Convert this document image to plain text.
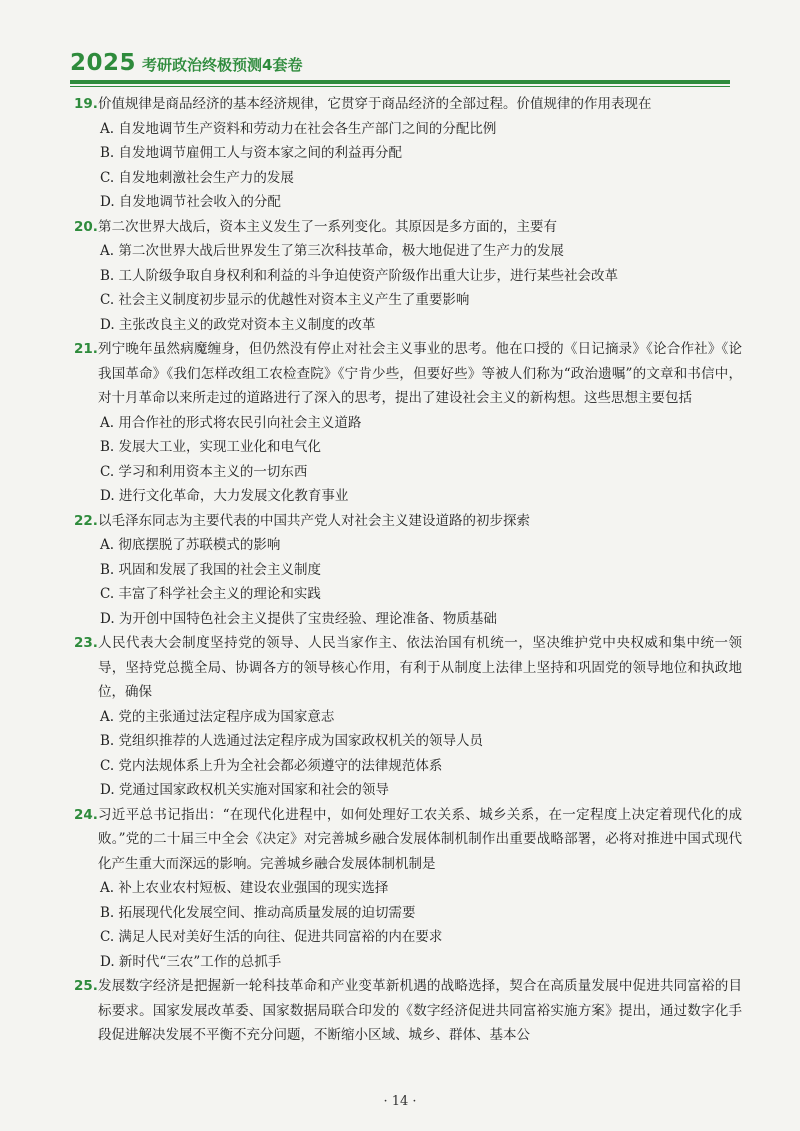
2025 考研政治终极预测4套卷
19. 价值规律是商品经济的基本经济规律，它贯穿于商品经济的全部过程。价值规律的作用表现在
A. 自发地调节生产资料和劳动力在社会各生产部门之间的分配比例
B. 自发地调节雇佣工人与资本家之间的利益再分配
C. 自发地刺激社会生产力的发展
D. 自发地调节社会收入的分配
20. 第二次世界大战后，资本主义发生了一系列变化。其原因是多方面的，主要有
A. 第二次世界大战后世界发生了第三次科技革命，极大地促进了生产力的发展
B. 工人阶级争取自身权利和利益的斗争迫使资产阶级作出重大让步，进行某些社会改革
C. 社会主义制度初步显示的优越性对资本主义产生了重要影响
D. 主张改良主义的政党对资本主义制度的改革
21. 列宁晚年虽然病魔缠身，但仍然没有停止对社会主义事业的思考。他在口授的《日记摘录》《论合作社》《论我国革命》《我们怎样改组工农检查院》《宁肯少些，但要好些》等被人们称为“政治遗嘱”的文章和书信中，对十月革命以来所走过的道路进行了深入的思考，提出了建设社会主义的新构想。这些思想主要包括
A. 用合作社的形式将农民引向社会主义道路
B. 发展大工业，实现工业化和电气化
C. 学习和利用资本主义的一切东西
D. 进行文化革命，大力发展文化教育事业
22. 以毛泽东同志为主要代表的中国共产党人对社会主义建设道路的初步探索
A. 彻底摆脱了苏联模式的影响
B. 巩固和发展了我国的社会主义制度
C. 丰富了科学社会主义的理论和实践
D. 为开创中国特色社会主义提供了宝贵经验、理论准备、物质基础
23. 人民代表大会制度坚持党的领导、人民当家作主、依法治国有机统一，坚决维护党中央权威和集中统一领导，坚持党总揽全局、协调各方的领导核心作用，有利于从制度上法律上坚持和巩固党的领导地位和执政地位，确保
A. 党的主张通过法定程序成为国家意志
B. 党组织推荐的人选通过法定程序成为国家政权机关的领导人员
C. 党内法规体系上升为全社会都必须遵守的法律规范体系
D. 党通过国家政权机关实施对国家和社会的领导
24. 习近平总书记指出：“在现代化进程中，如何处理好工农关系、城乡关系，在一定程度上决定着现代化的成败。”党的二十届三中全会《决定》对完善城乡融合发展体制机制作出重要战略部署，必将对推进中国式现代化产生重大而深远的影响。完善城乡融合发展体制机制是
A. 补上农业农村短板、建设农业强国的现实选择
B. 拓展现代化发展空间、推动高质量发展的迫切需要
C. 满足人民对美好生活的向往、促进共同富裕的内在要求
D. 新时代“三农”工作的总抓手
25. 发展数字经济是把握新一轮科技革命和产业变革新机遇的战略选择，契合在高质量发展中促进共同富裕的目标要求。国家发展改革委、国家数据局联合印发的《数字经济促进共同富裕实施方案》提出，通过数字化手段促进解决发展不平衡不充分问题，不断缩小区域、城乡、群体、基本公
· 14 ·
